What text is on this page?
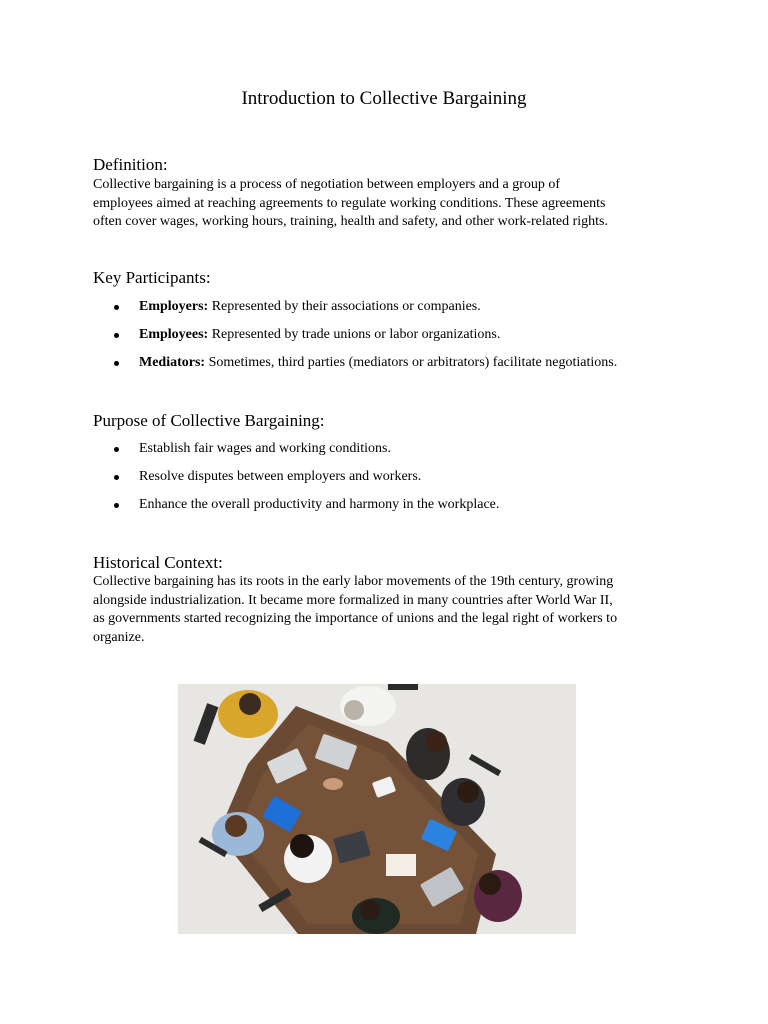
Introduction to Collective Bargaining
Definition:

Collective bargaining is a process of negotiation between employers and a group of
employees aimed at reaching agreements to regulate working conditions. These agreements
often cover wages, working hours, training, health and safety, and other work-related rights.

Key Participants:
Employers: Represented by their associations or companies.
Employees: Represented by trade unions or labor organizations.
Mediators: Sometimes, third parties (mediators or arbitrators) facilitate negotiations.
Purpose of Collective Bargaining:
Establish fair wages and working conditions.
Resolve disputes between employers and workers.
Enhance the overall productivity and harmony in the workplace.
Historical Context:

Collective bargaining has its roots in the early labor movements of the 19th century, growing
alongside industrialization. It became more formalized in many countries after World War II,
as governments started recognizing the importance of unions and the legal right of workers to
organize.
